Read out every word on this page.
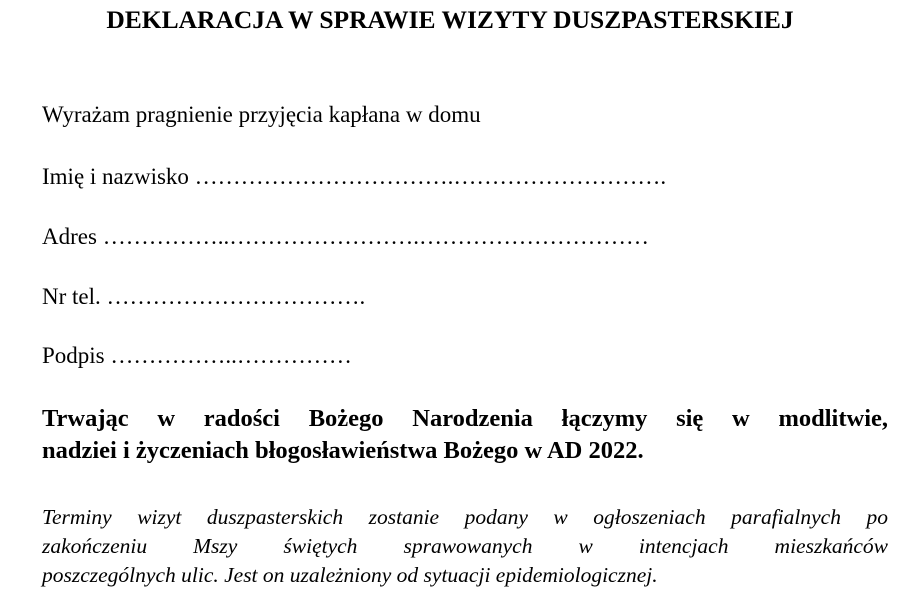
DEKLARACJA W SPRAWIE WIZYTY DUSZPASTERSKIEJ
Wyrażam pragnienie przyjęcia kapłana w domu
Imię i nazwisko …………………………….……………………….
Adres ……………..…………………….…………………………
Nr tel. …………………………….
Podpis ……………..……………
Trwając w radości Bożego Narodzenia łączymy się w modlitwie,
nadziei i życzeniach błogosławieństwa Bożego w AD 2022.
Terminy wizyt duszpasterskich zostanie podany w ogłoszeniach parafialnych po
zakończeniu Mszy świętych sprawowanych w intencjach mieszkańców
poszczególnych ulic. Jest on uzależniony od sytuacji epidemiologicznej.
